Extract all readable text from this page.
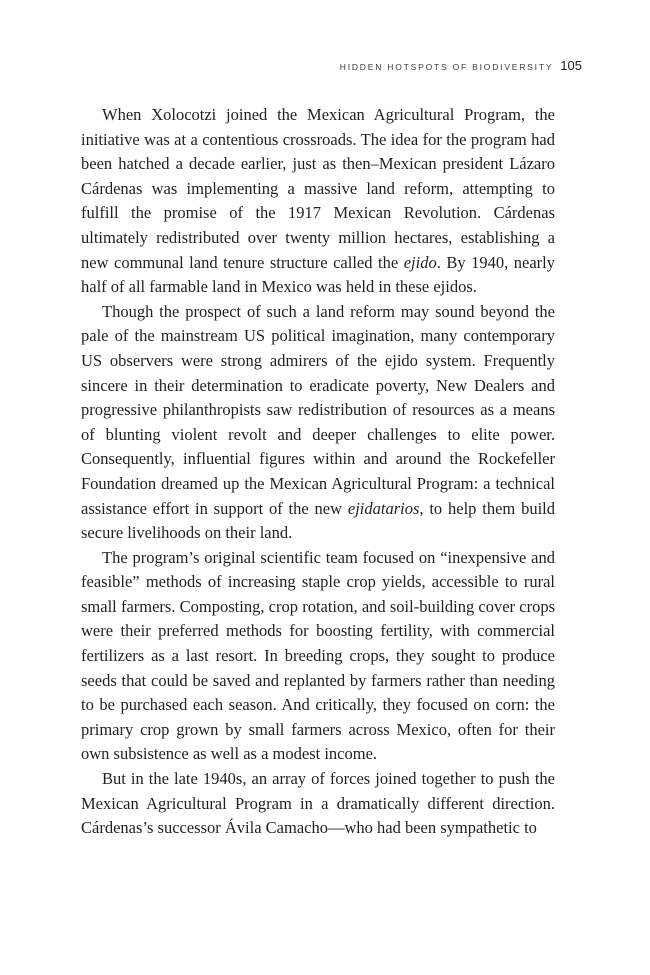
HIDDEN HOTSPOTS OF BIODIVERSITY 105

When Xolocotzi joined the Mexican Agricultural Program, the initiative was at a contentious crossroads. The idea for the program had been hatched a decade earlier, just as then–Mexican president Lázaro Cárdenas was implementing a massive land reform, attempting to fulfill the promise of the 1917 Mexican Revolution. Cárdenas ultimately redistributed over twenty million hectares, establishing a new communal land tenure structure called the ejido. By 1940, nearly half of all farmable land in Mexico was held in these ejidos.

Though the prospect of such a land reform may sound beyond the pale of the mainstream US political imagination, many contemporary US observers were strong admirers of the ejido system. Frequently sincere in their determination to eradicate poverty, New Dealers and progressive philanthropists saw redistribution of resources as a means of blunting violent revolt and deeper challenges to elite power. Consequently, influential figures within and around the Rockefeller Foundation dreamed up the Mexican Agricultural Program: a technical assistance effort in support of the new ejidatarios, to help them build secure livelihoods on their land.

The program’s original scientific team focused on “inexpensive and feasible” methods of increasing staple crop yields, accessible to rural small farmers. Composting, crop rotation, and soil-building cover crops were their preferred methods for boosting fertility, with commercial fertilizers as a last resort. In breeding crops, they sought to produce seeds that could be saved and replanted by farmers rather than needing to be purchased each season. And critically, they focused on corn: the primary crop grown by small farmers across Mexico, often for their own subsistence as well as a modest income.

But in the late 1940s, an array of forces joined together to push the Mexican Agricultural Program in a dramatically different direction. Cárdenas’s successor Ávila Camacho—who had been sympathetic to
